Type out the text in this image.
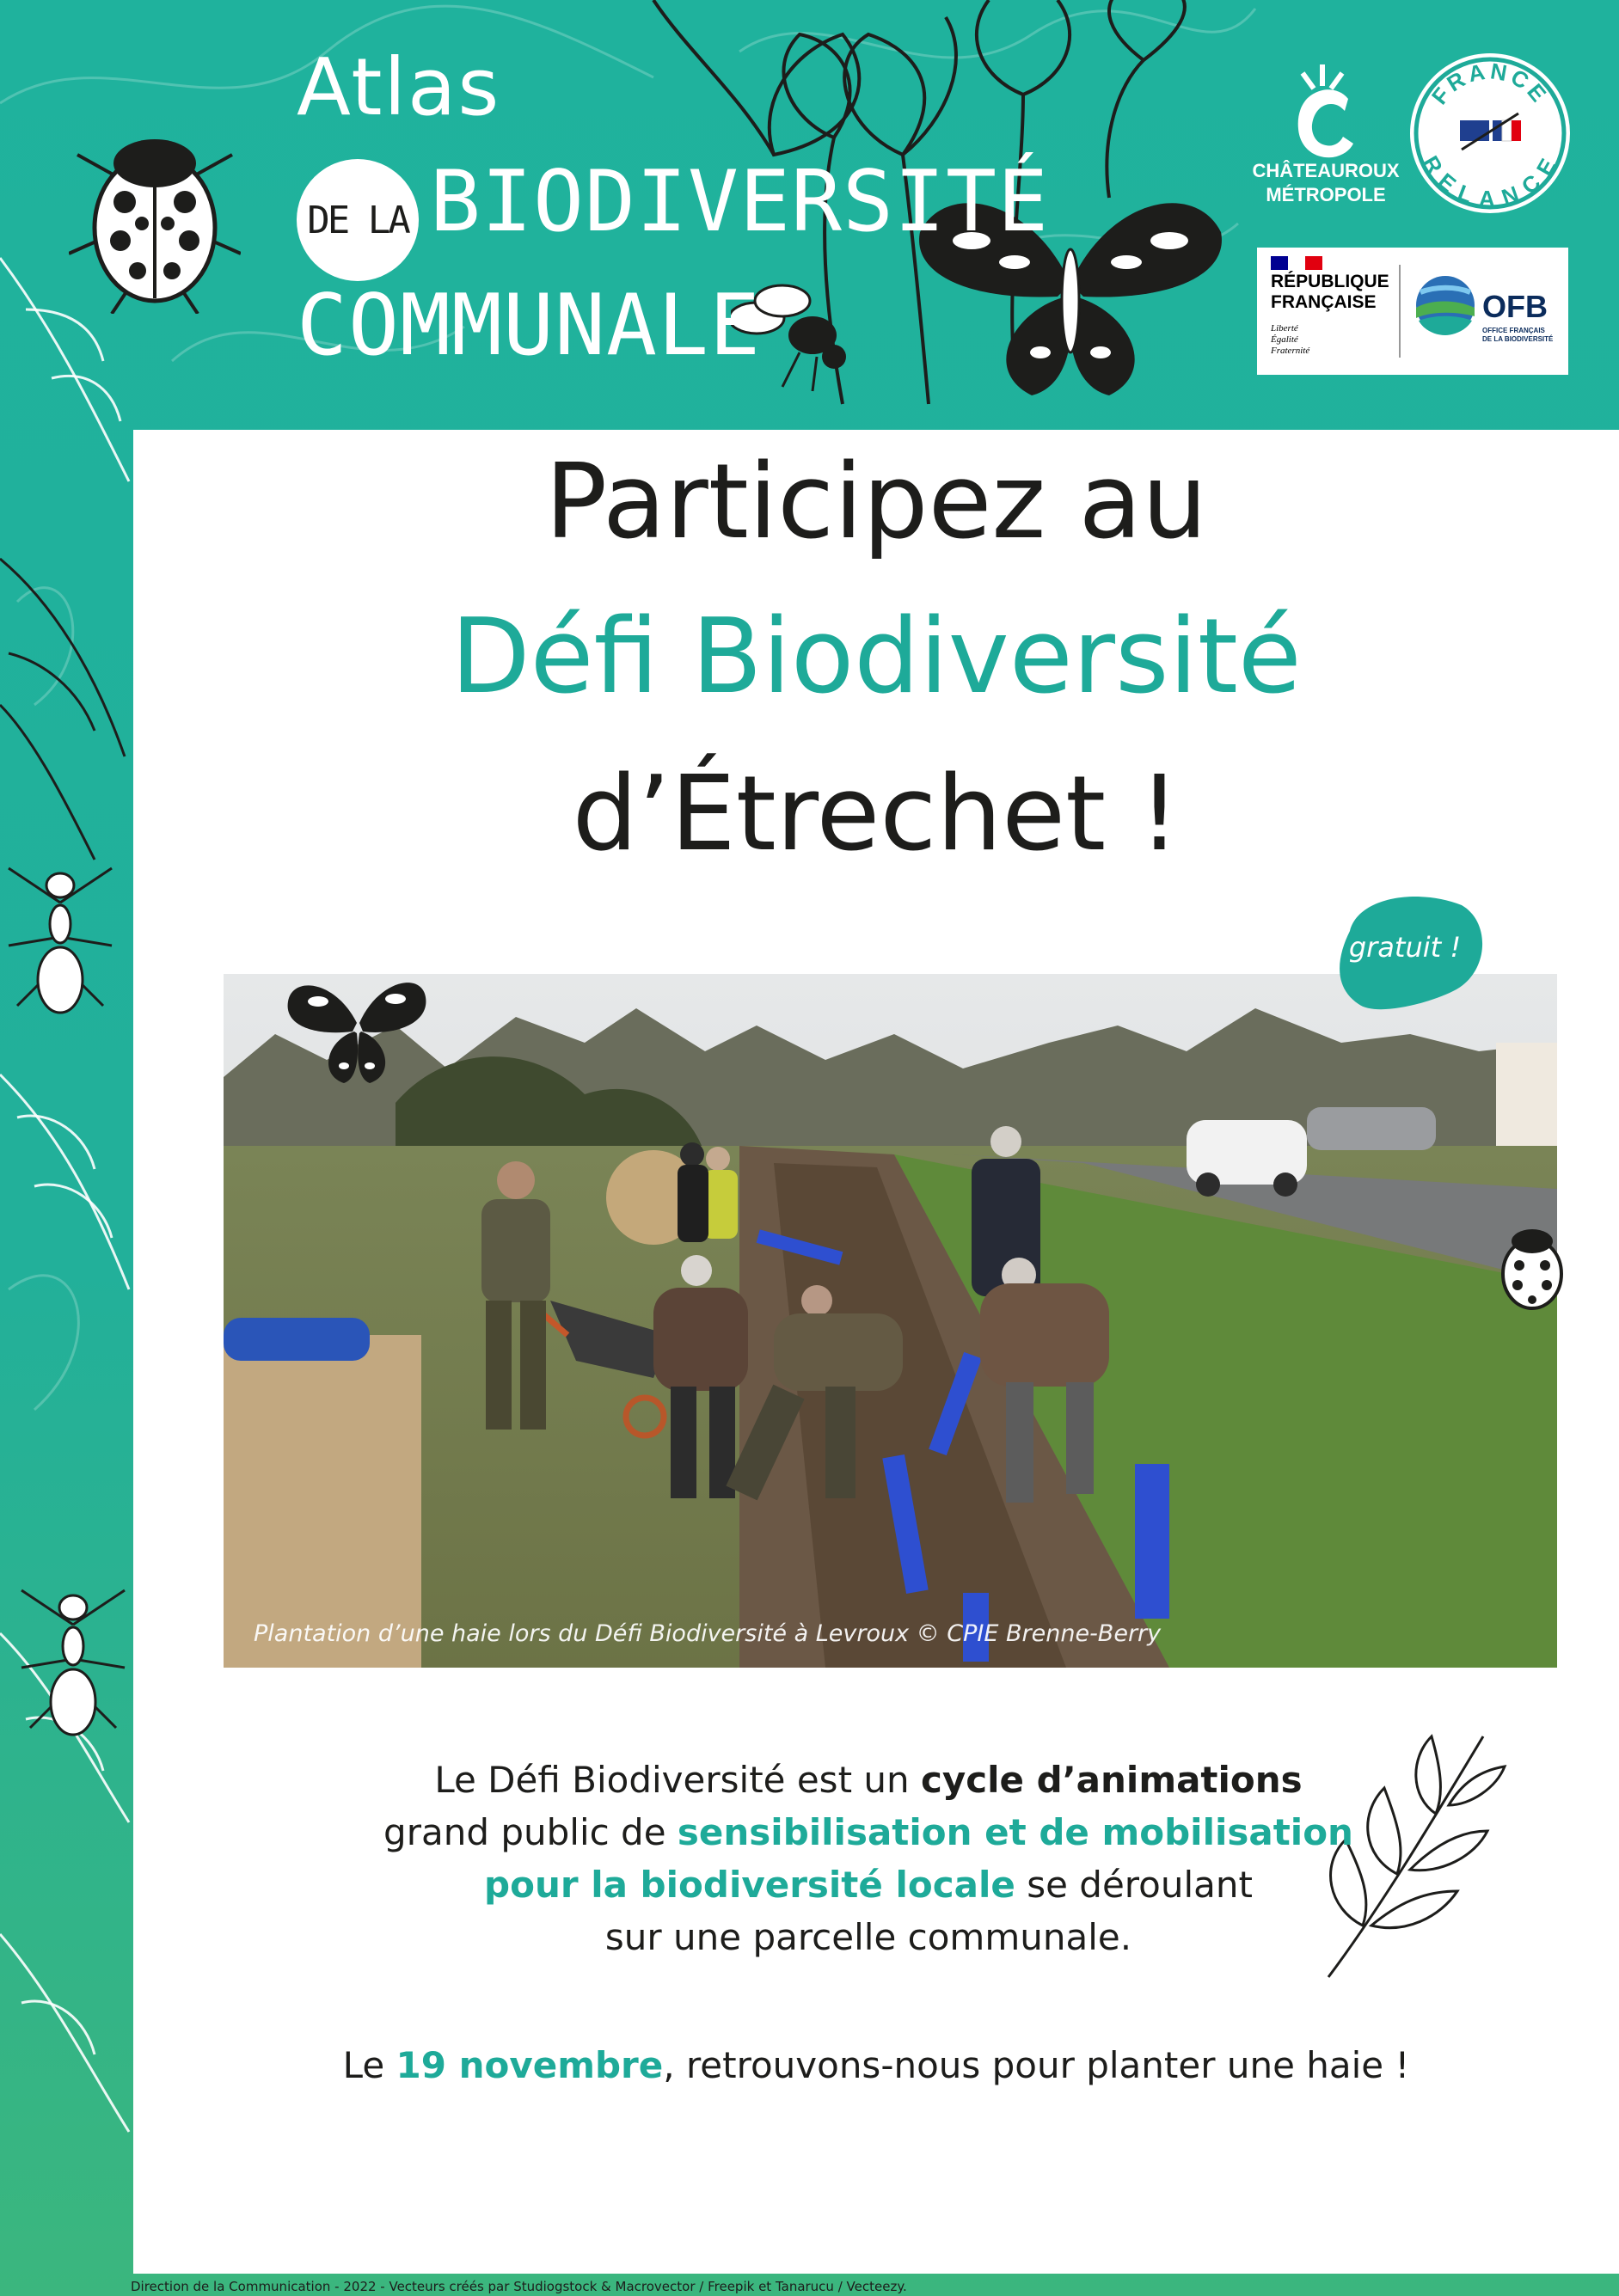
Atlas
DE LA BIODIVERSITÉ
COMMUNALE
CHÂTEAUROUX
MÉTROPOLE
FRANCE
RELANCE
RÉPUBLIQUE
FRANÇAISE
Liberté
Égalité
Fraternité
OFB
OFFICE FRANÇAIS
DE LA BIODIVERSITÉ
Participez au
Défi Biodiversité
d’Étrechet !
Plantation d’une haie lors du Défi Biodiversité à Levroux © CPIE Brenne-Berry
gratuit !
Le Défi Biodiversité est un cycle d’animations
grand public de sensibilisation et de mobilisation
pour la biodiversité locale se déroulant
sur une parcelle communale.
Le 19 novembre, retrouvons-nous pour planter une haie !
Direction de la Communication - 2022 - Vecteurs créés par Studiogstock & Macrovector / Freepik et Tanarucu / Vecteezy.
